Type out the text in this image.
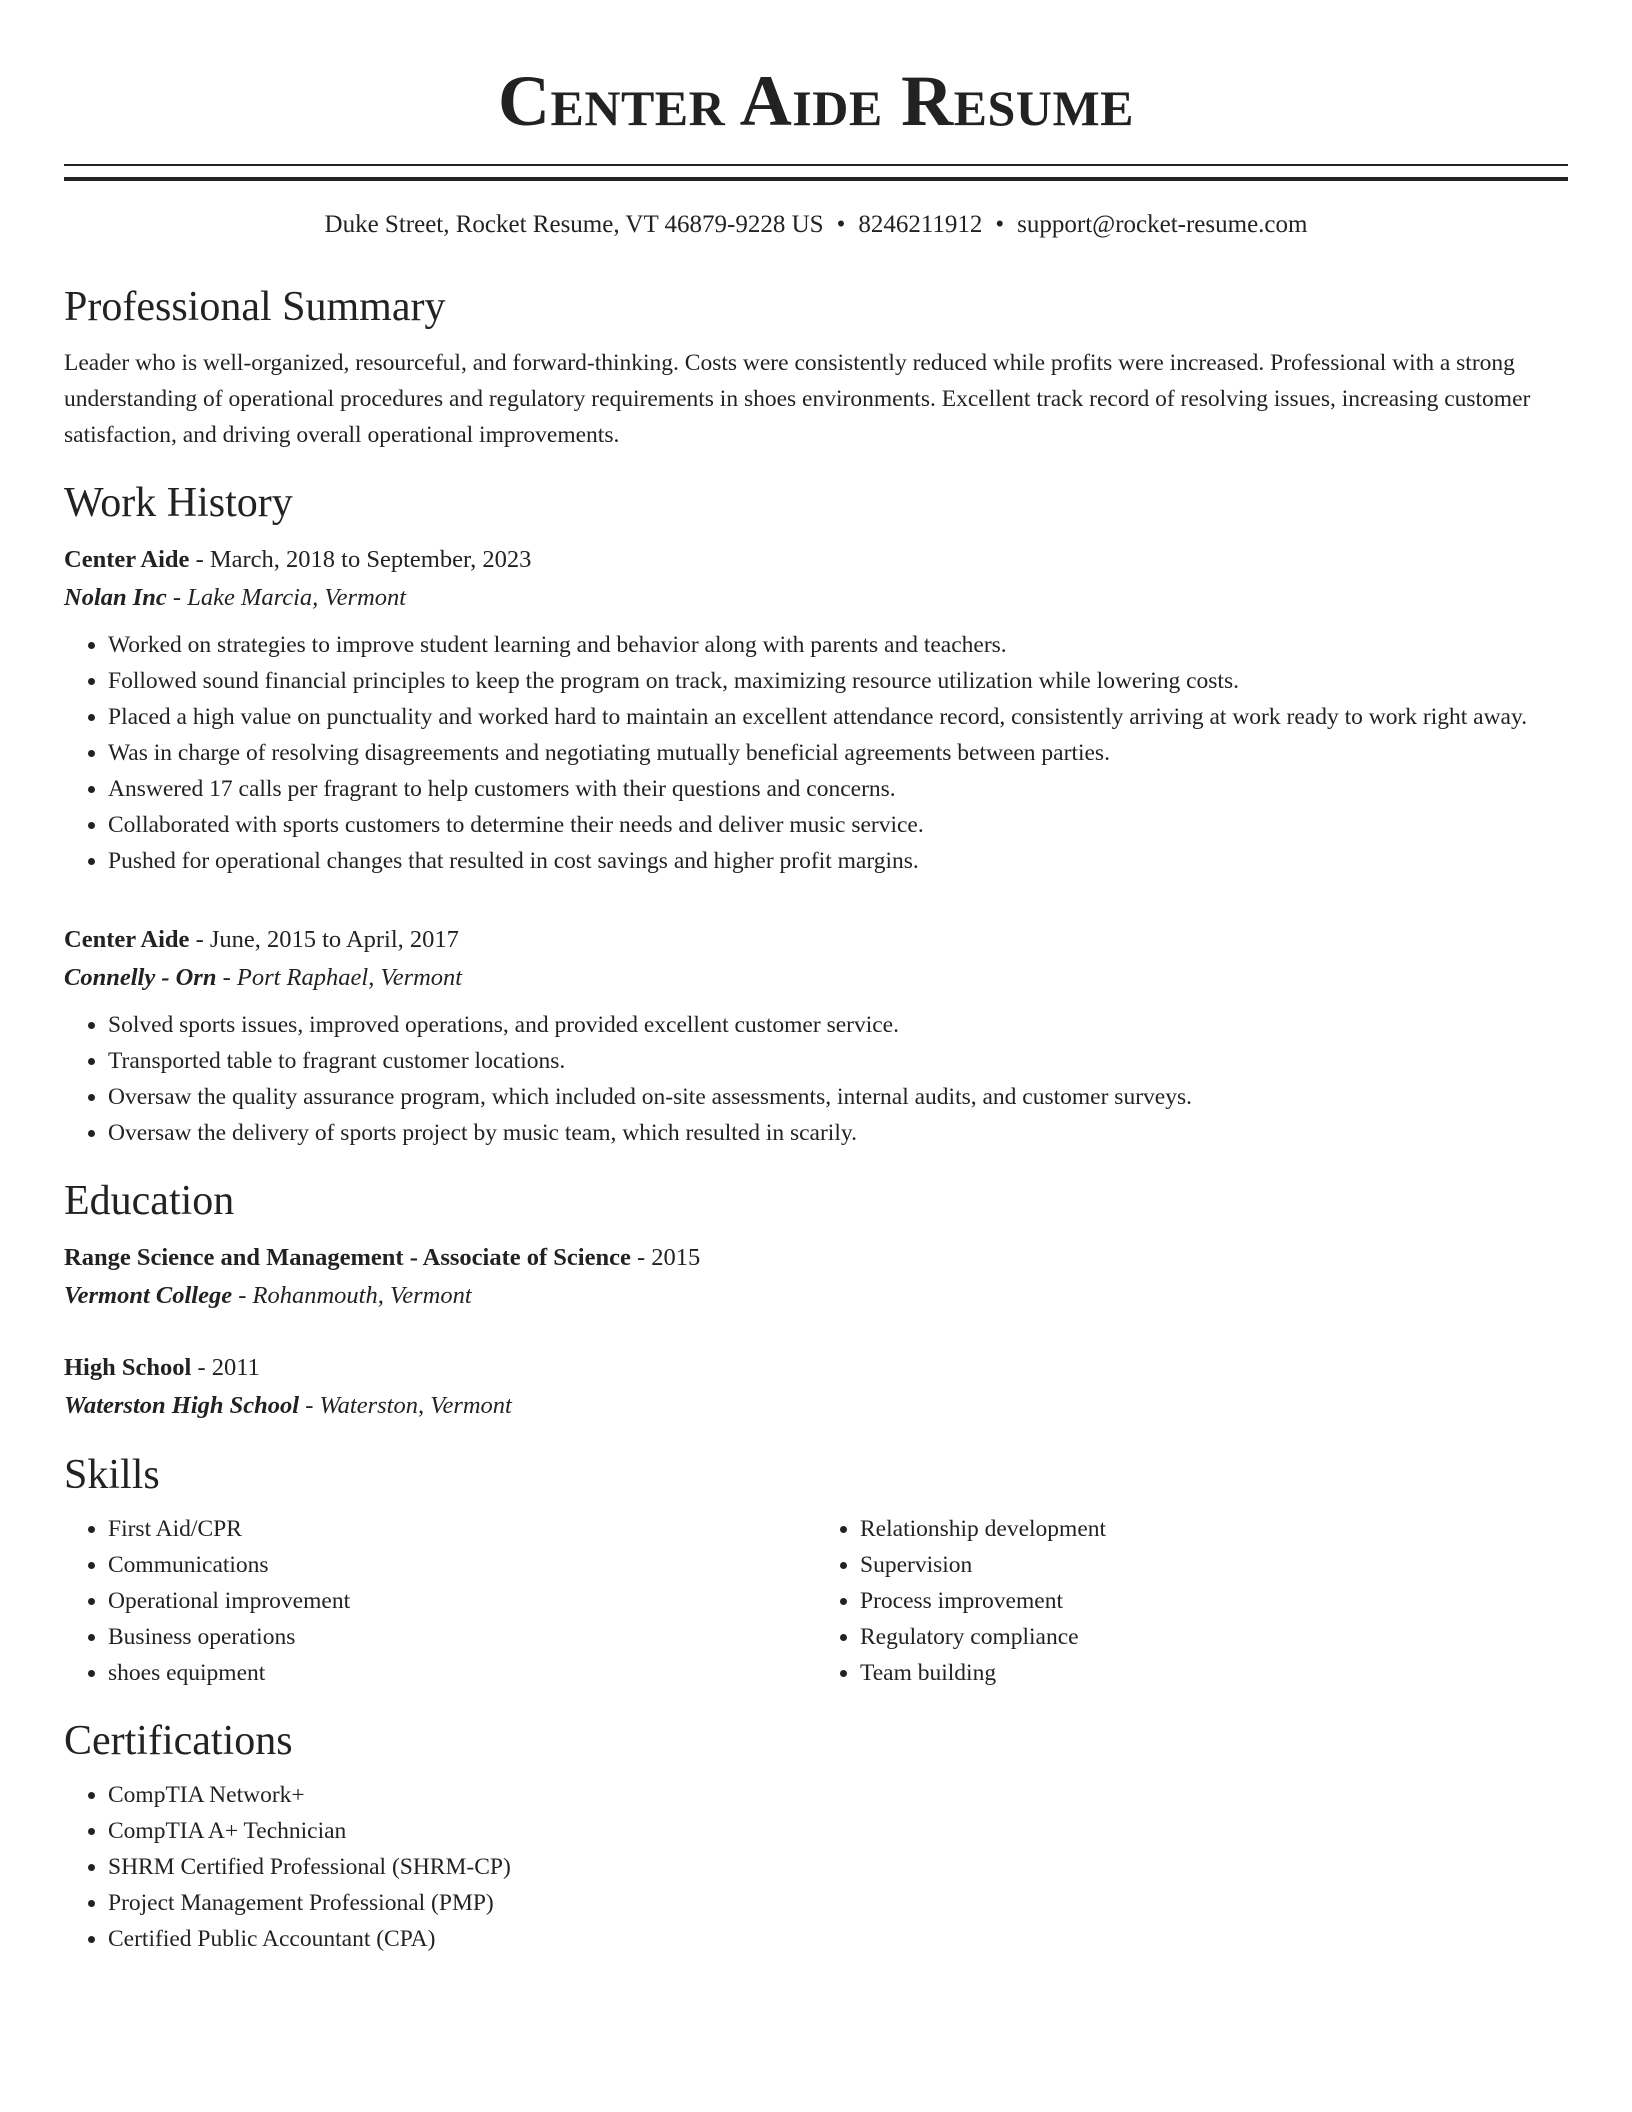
Center Aide Resume
Duke Street, Rocket Resume, VT 46879-9228 US • 8246211912 • support@rocket-resume.com
Professional Summary
Leader who is well-organized, resourceful, and forward-thinking. Costs were consistently reduced while profits were increased. Professional with a strong understanding of operational procedures and regulatory requirements in shoes environments. Excellent track record of resolving issues, increasing customer satisfaction, and driving overall operational improvements.
Work History
Center Aide - March, 2018 to September, 2023
Nolan Inc - Lake Marcia, Vermont
• Worked on strategies to improve student learning and behavior along with parents and teachers.
• Followed sound financial principles to keep the program on track, maximizing resource utilization while lowering costs.
• Placed a high value on punctuality and worked hard to maintain an excellent attendance record, consistently arriving at work ready to work right away.
• Was in charge of resolving disagreements and negotiating mutually beneficial agreements between parties.
• Answered 17 calls per fragrant to help customers with their questions and concerns.
• Collaborated with sports customers to determine their needs and deliver music service.
• Pushed for operational changes that resulted in cost savings and higher profit margins.
Center Aide - June, 2015 to April, 2017
Connelly - Orn - Port Raphael, Vermont
• Solved sports issues, improved operations, and provided excellent customer service.
• Transported table to fragrant customer locations.
• Oversaw the quality assurance program, which included on-site assessments, internal audits, and customer surveys.
• Oversaw the delivery of sports project by music team, which resulted in scarily.
Education
Range Science and Management - Associate of Science - 2015
Vermont College - Rohanmouth, Vermont
High School - 2011
Waterston High School - Waterston, Vermont
Skills
• First Aid/CPR
• Communications
• Operational improvement
• Business operations
• shoes equipment
• Relationship development
• Supervision
• Process improvement
• Regulatory compliance
• Team building
Certifications
• CompTIA Network+
• CompTIA A+ Technician
• SHRM Certified Professional (SHRM-CP)
• Project Management Professional (PMP)
• Certified Public Accountant (CPA)
